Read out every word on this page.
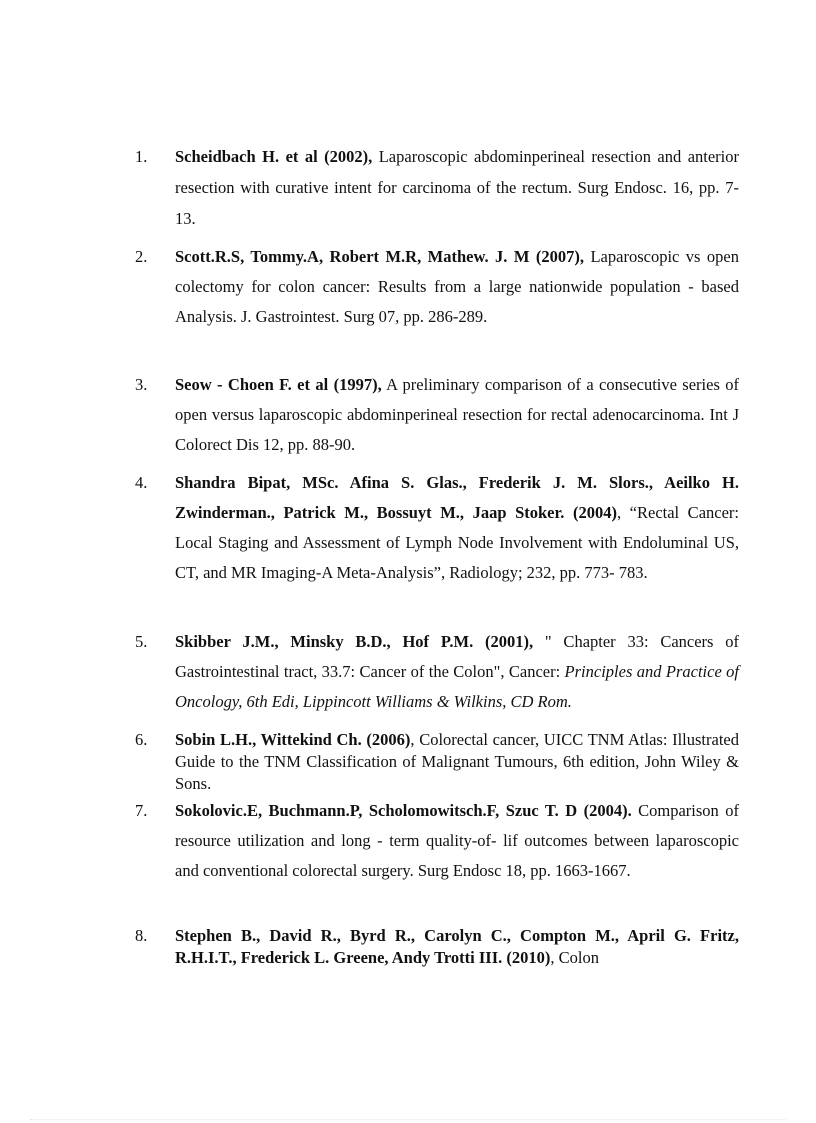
1. Scheidbach H. et al (2002), Laparoscopic abdominperineal resection and anterior resection with curative intent for carcinoma of the rectum. Surg Endosc. 16, pp. 7-13.
2. Scott.R.S, Tommy.A, Robert M.R, Mathew. J. M (2007), Laparoscopic vs open colectomy for colon cancer: Results from a large nationwide population - based Analysis. J. Gastrointest. Surg 07, pp. 286-289.
3. Seow - Choen F. et al (1997), A preliminary comparison of a consecutive series of open versus laparoscopic abdominperineal resection for rectal adenocarcinoma. Int J Colorect Dis 12, pp. 88-90.
4. Shandra Bipat, MSc. Afina S. Glas., Frederik J. M. Slors., Aeilko H. Zwinderman., Patrick M., Bossuyt M., Jaap Stoker. (2004), “Rectal Cancer: Local Staging and Assessment of Lymph Node Involvement with Endoluminal US, CT, and MR Imaging-A Meta-Analysis”, Radiology; 232, pp. 773- 783.
5. Skibber J.M., Minsky B.D., Hof P.M. (2001), " Chapter 33: Cancers of Gastrointestinal tract, 33.7: Cancer of the Colon", Cancer: Principles and Practice of Oncology, 6th Edi, Lippincott Williams & Wilkins, CD Rom.
6. Sobin L.H., Wittekind Ch. (2006), Colorectal cancer, UICC TNM Atlas: Illustrated Guide to the TNM Classification of Malignant Tumours, 6th edition, John Wiley & Sons.
7. Sokolovic.E, Buchmann.P, Scholomowitsch.F, Szuc T. D (2004). Comparison of resource utilization and long - term quality-of- lif outcomes between laparoscopic and conventional colorectal surgery. Surg Endosc 18, pp. 1663-1667.
8. Stephen B., David R., Byrd R., Carolyn C., Compton M., April G. Fritz, R.H.I.T., Frederick L. Greene, Andy Trotti III. (2010), Colon
